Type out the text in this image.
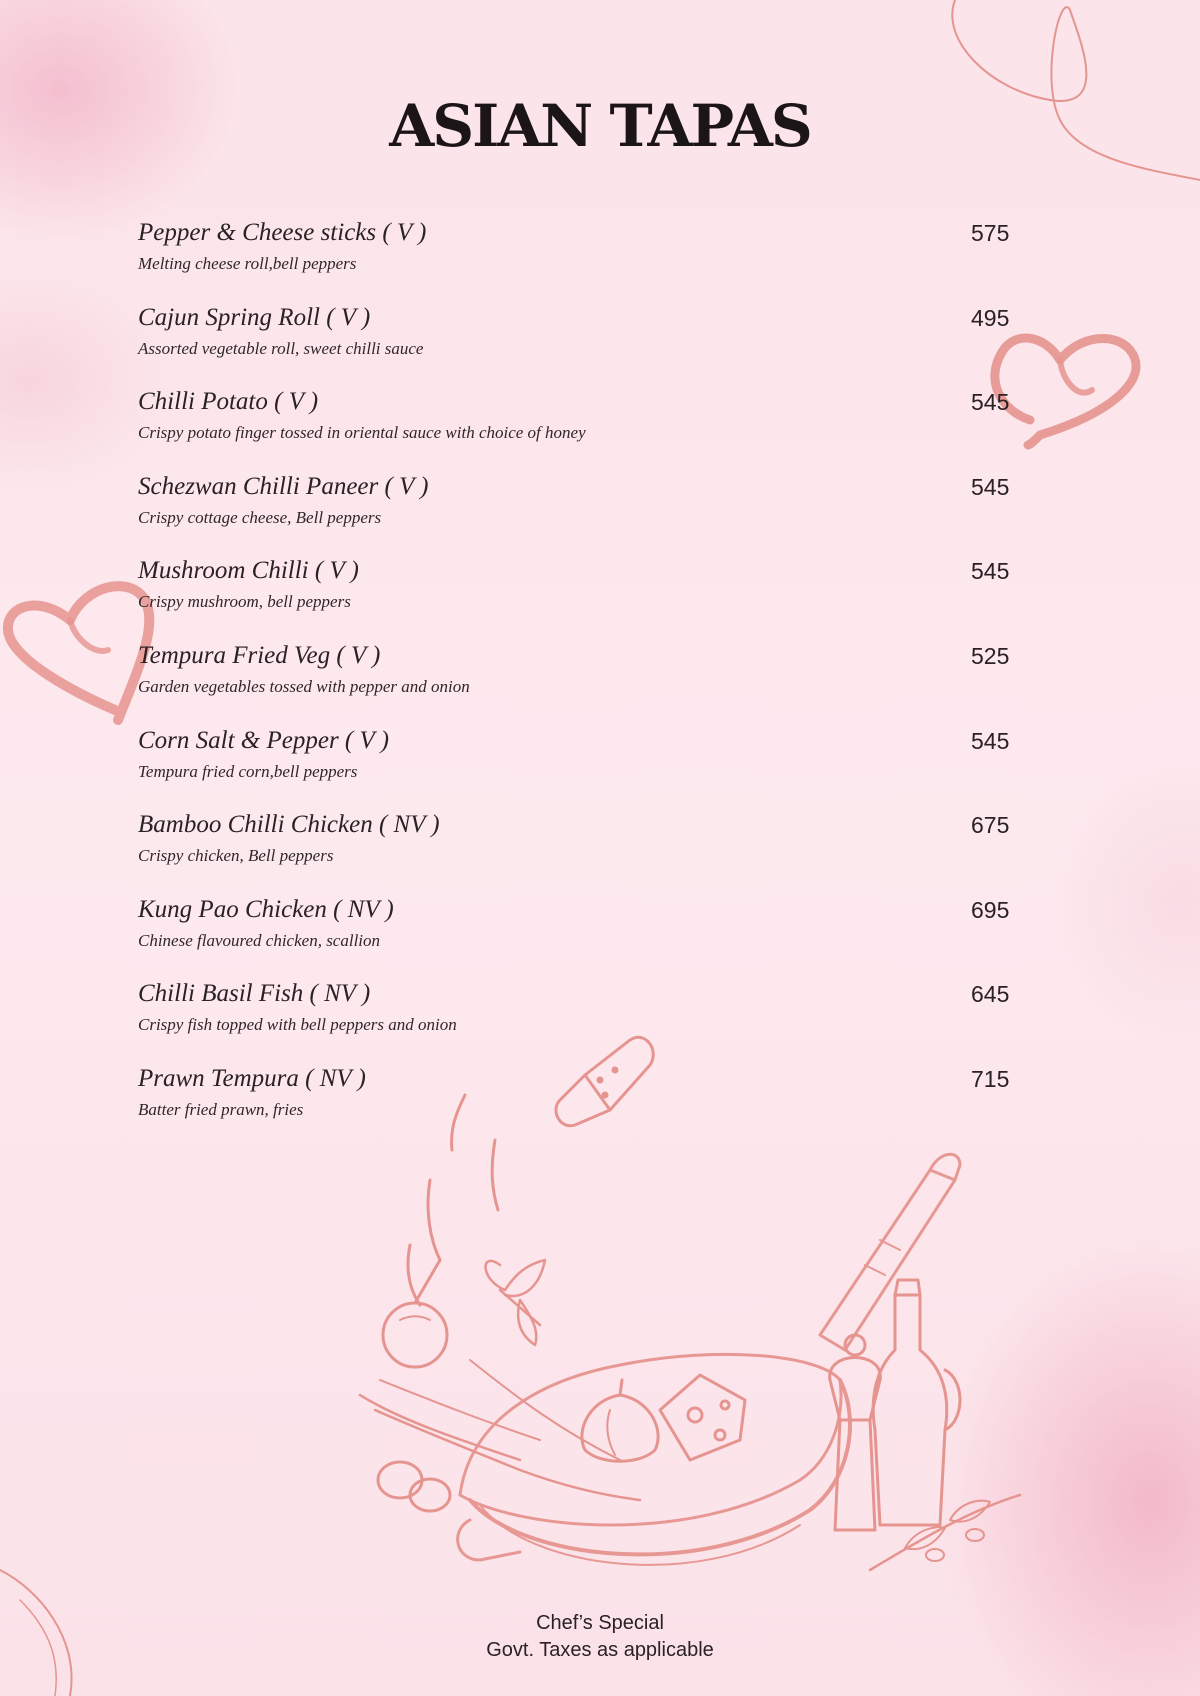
ASIAN TAPAS
Pepper & Cheese sticks ( V )
Melting cheese roll,bell peppers
575
Cajun Spring Roll ( V )
Assorted vegetable roll, sweet chilli sauce
495
Chilli Potato ( V )
Crispy potato finger tossed in oriental sauce with choice of honey
545
Schezwan Chilli Paneer ( V )
Crispy cottage cheese, Bell peppers
545
Mushroom Chilli ( V )
Crispy mushroom, bell peppers
545
Tempura Fried Veg ( V )
Garden vegetables tossed with pepper and onion
525
Corn Salt & Pepper ( V )
Tempura fried corn,bell peppers
545
Bamboo Chilli Chicken ( NV )
Crispy chicken, Bell peppers
675
Kung Pao Chicken ( NV )
Chinese flavoured chicken, scallion
695
Chilli Basil Fish ( NV )
Crispy fish topped with bell peppers and onion
645
Prawn Tempura ( NV )
Batter fried prawn, fries
715
Chef’s Special
Govt. Taxes as applicable
